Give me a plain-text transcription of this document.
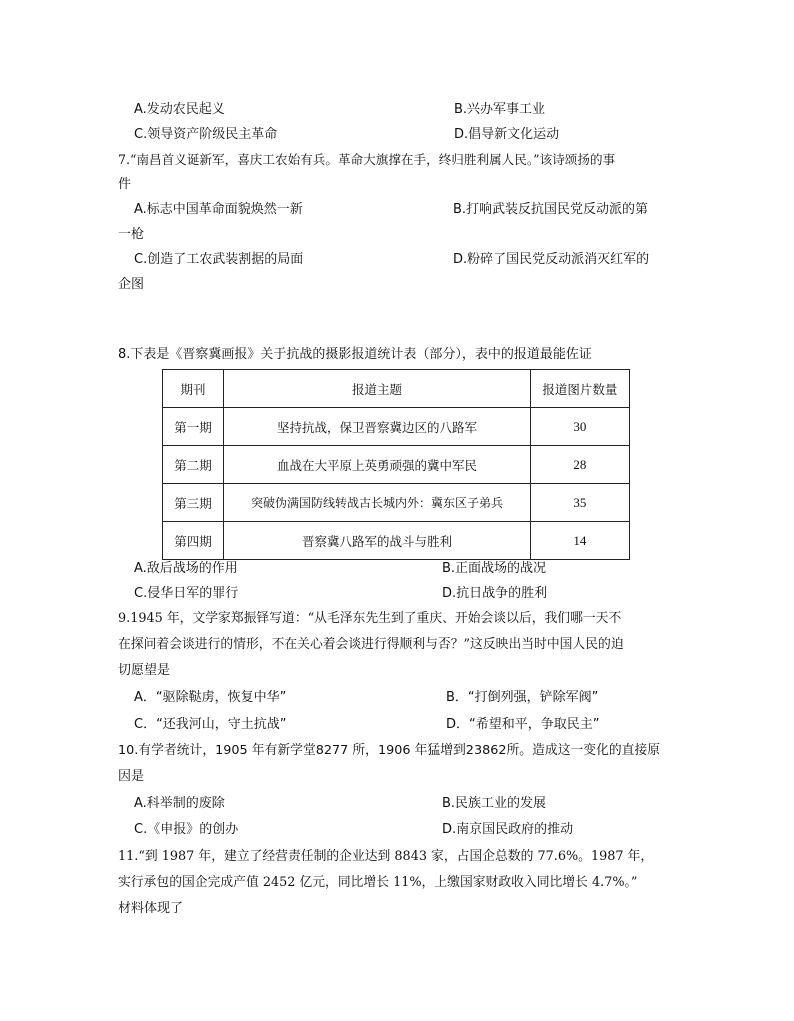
A.发动农民起义	B.兴办军事工业
C.领导资产阶级民主革命	D.倡导新文化运动
7.“南昌首义诞新军，喜庆工农始有兵。革命大旗撑在手，终归胜利属人民。”该诗颂扬的事
件
A.标志中国革命面貌焕然一新	B.打响武装反抗国民党反动派的第
一枪
C.创造了工农武装割据的局面	D.粉碎了国民党反动派消灭红军的
企图
8.下表是《晋察冀画报》关于抗战的摄影报道统计表（部分），表中的报道最能佐证
期刊	报道主题	报道图片数量
第一期	坚持抗战，保卫晋察冀边区的八路军	30
第二期	血战在大平原上英勇顽强的冀中军民	28
第三期	突破伪满国防线转战古长城内外：冀东区子弟兵	35
第四期	晋察冀八路军的战斗与胜利	14
A.敌后战场的作用	B.正面战场的战况
C.侵华日军的罪行	D.抗日战争的胜利
9.1945 年，文学家郑振铎写道：“从毛泽东先生到了重庆、开始会谈以后，我们哪一天不
在探问着会谈进行的情形，不在关心着会谈进行得顺利与否？”这反映出当时中国人民的迫
切愿望是
A．“驱除鞑虏，恢复中华”	B．“打倒列强，铲除军阀”
C．“还我河山，守土抗战”	D．“希望和平，争取民主”
10.有学者统计，1905 年有新学堂8277 所，1906 年猛增到23862所。造成这一变化的直接原
因是
A.科举制的废除	B.民族工业的发展
C.《申报》的创办	D.南京国民政府的推动
11.“到 1987 年，建立了经营责任制的企业达到 8843 家，占国企总数的 77.6%。1987 年，
实行承包的国企完成产值 2452 亿元，同比增长 11%，上缴国家财政收入同比增长 4.7%。”
材料体现了
